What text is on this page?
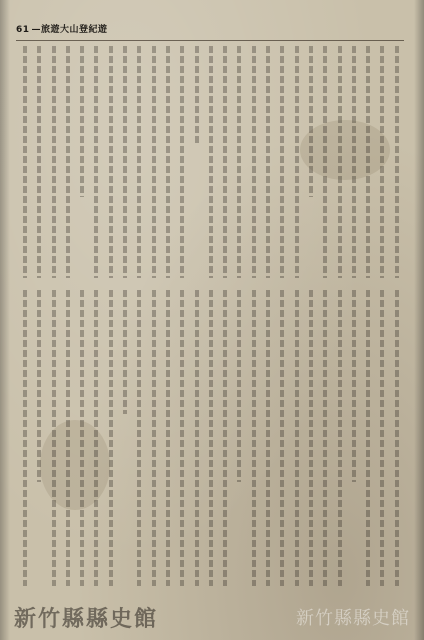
61 —旅遊大山登紀遊
新竹縣縣史館	新竹縣縣史館
